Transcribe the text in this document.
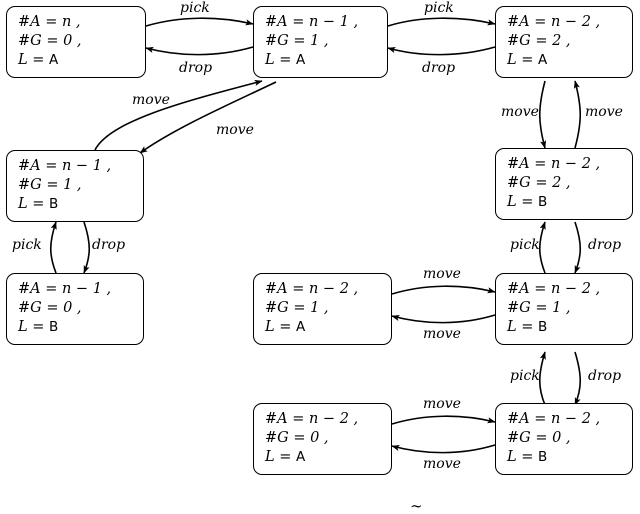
#A = n ,
#G = 0 ,
L = A
#A = n − 1 ,
#G = 1 ,
L = A
#A = n − 2 ,
#G = 2 ,
L = A
#A = n − 1 ,
#G = 1 ,
L = B
#A = n − 2 ,
#G = 2 ,
L = B
#A = n − 1 ,
#G = 0 ,
L = B
#A = n − 2 ,
#G = 1 ,
L = A
#A = n − 2 ,
#G = 1 ,
L = B
#A = n − 2 ,
#G = 0 ,
L = A
#A = n − 2 ,
#G = 0 ,
L = B
pick
drop
pick
drop
move
move
move	move
pick	drop	pick	drop
move
move
pick	drop
move
move
∼
